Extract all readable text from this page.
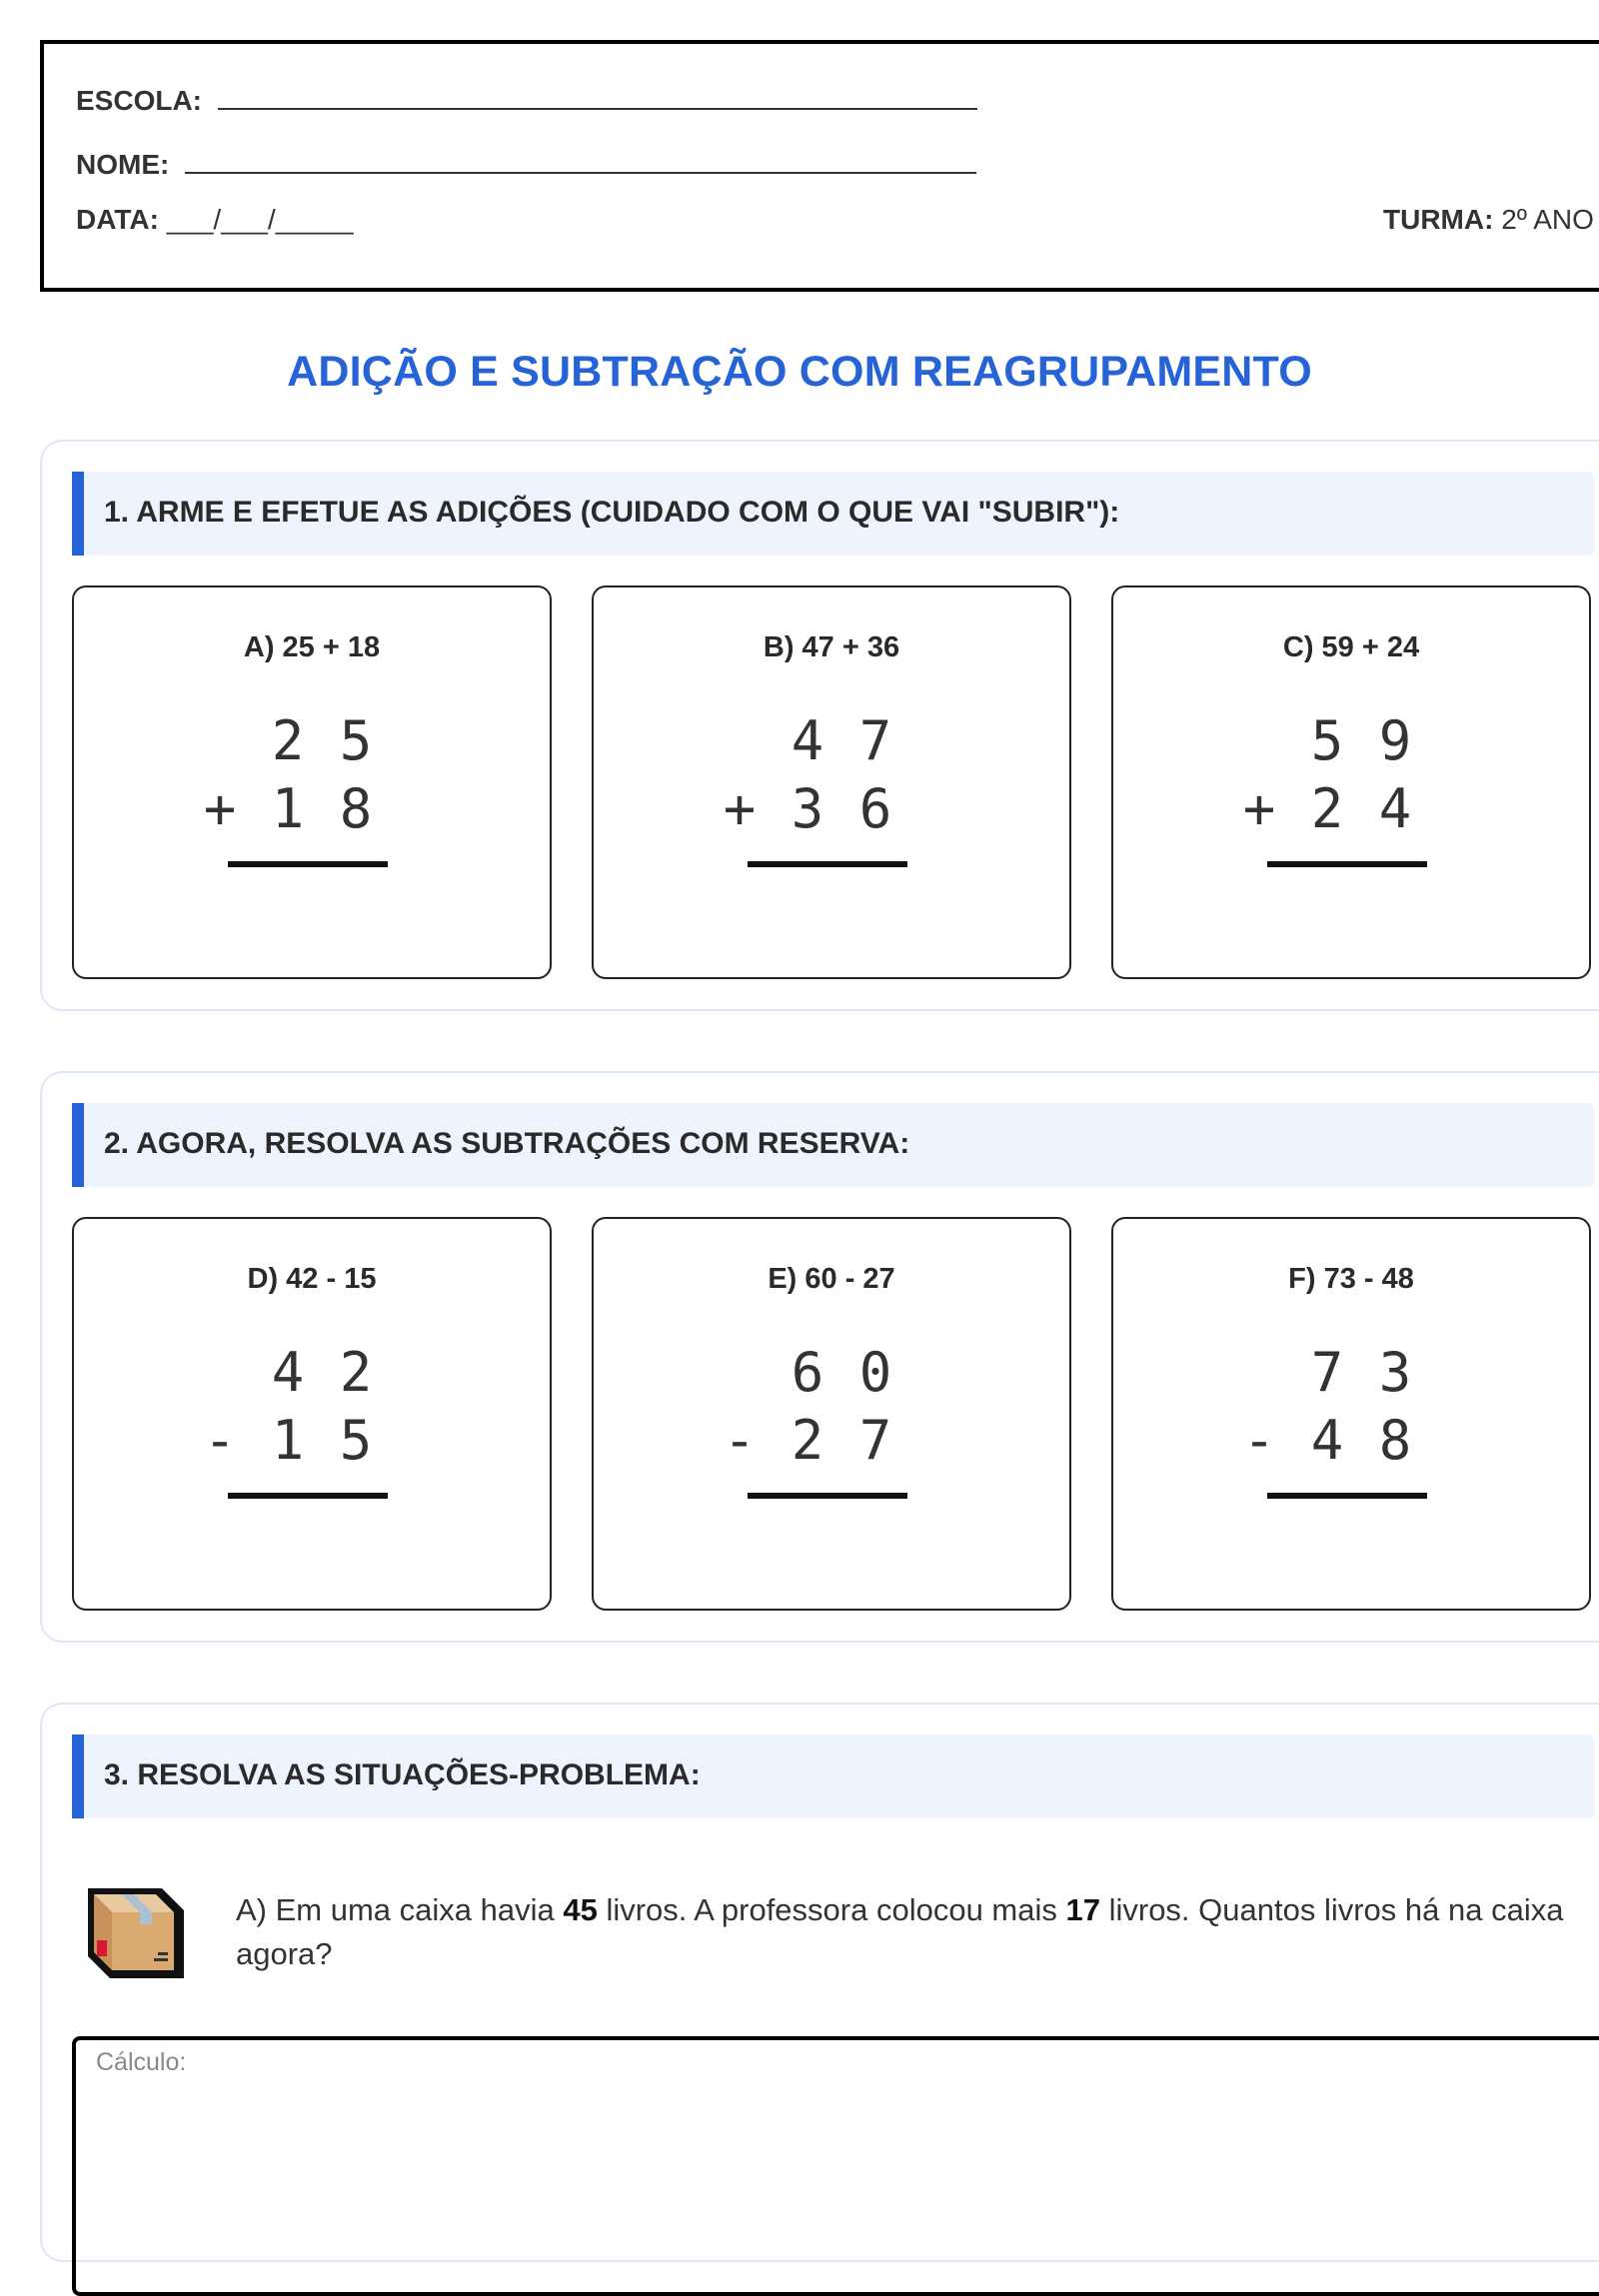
ESCOLA:
NOME:
DATA: ___/___/_____	TURMA: 2º ANO
ADIÇÃO E SUBTRAÇÃO COM REAGRUPAMENTO
1. ARME E EFETUE AS ADIÇÕES (CUIDADO COM O QUE VAI "SUBIR"):
A) 25 + 18
2 5
+ 1 8
B) 47 + 36
4 7
+ 3 6
C) 59 + 24
5 9
+ 2 4
2. AGORA, RESOLVA AS SUBTRAÇÕES COM RESERVA:
D) 42 - 15
4 2
- 1 5
E) 60 - 27
6 0
- 2 7
F) 73 - 48
7 3
- 4 8
3. RESOLVA AS SITUAÇÕES-PROBLEMA:
A) Em uma caixa havia 45 livros. A professora colocou mais 17 livros. Quantos livros há na caixa agora?
Cálculo:
